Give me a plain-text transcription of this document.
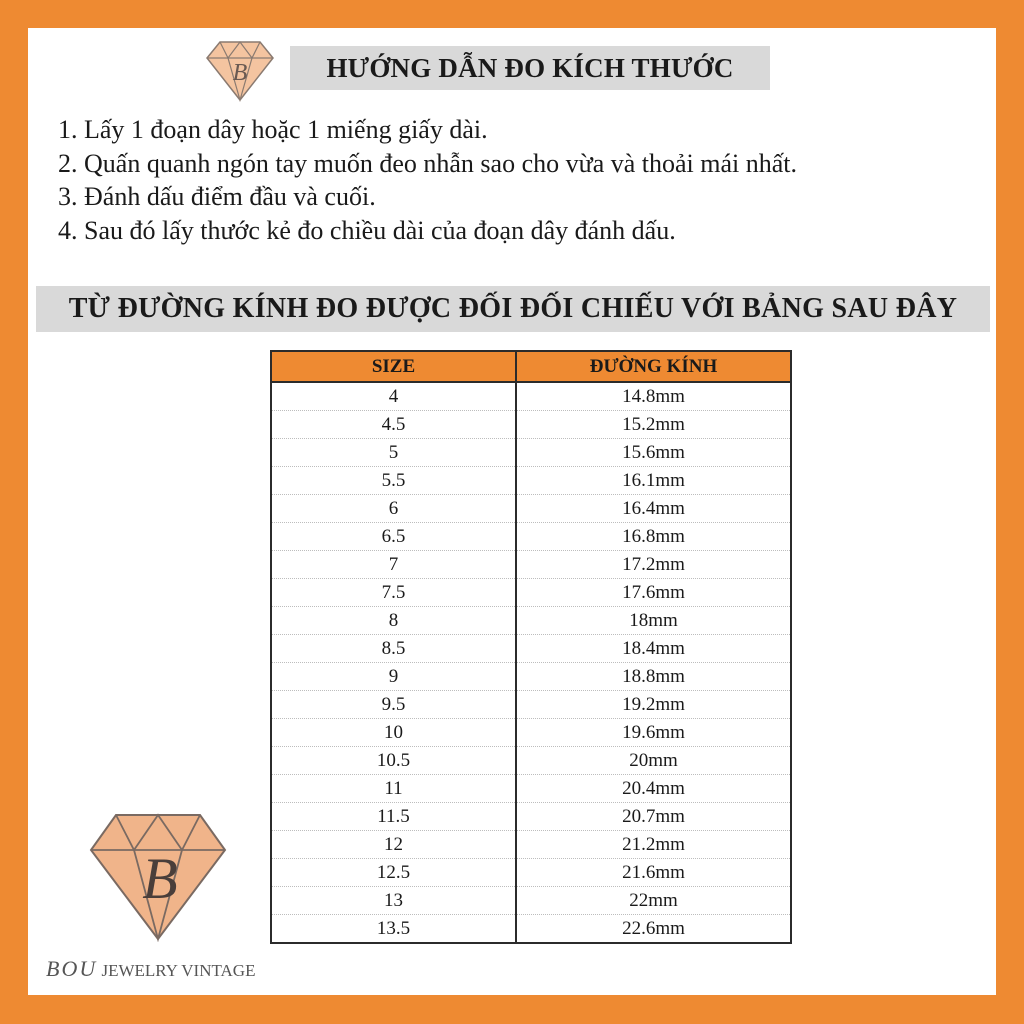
B	HƯỚNG DẪN ĐO KÍCH THƯỚC
1. Lấy 1 đoạn dây hoặc 1 miếng giấy dài.
2. Quấn quanh ngón tay muốn đeo nhẫn sao cho vừa và thoải mái nhất.
3. Đánh dấu điểm đầu và cuối.
4. Sau đó lấy thước kẻ đo chiều dài của đoạn dây đánh dấu.
TỪ ĐƯỜNG KÍNH ĐO ĐƯỢC ĐỐI ĐỐI CHIẾU VỚI BẢNG SAU ĐÂY
SIZE	ĐƯỜNG KÍNH
4	14.8mm
4.5	15.2mm
5	15.6mm
5.5	16.1mm
6	16.4mm
6.5	16.8mm
7	17.2mm
7.5	17.6mm
8	18mm
8.5	18.4mm
9	18.8mm
9.5	19.2mm
10	19.6mm
10.5	20mm
11	20.4mm
11.5	20.7mm
12	21.2mm
12.5	21.6mm
13	22mm
13.5	22.6mm
B
BOU JEWELRY VINTAGE
